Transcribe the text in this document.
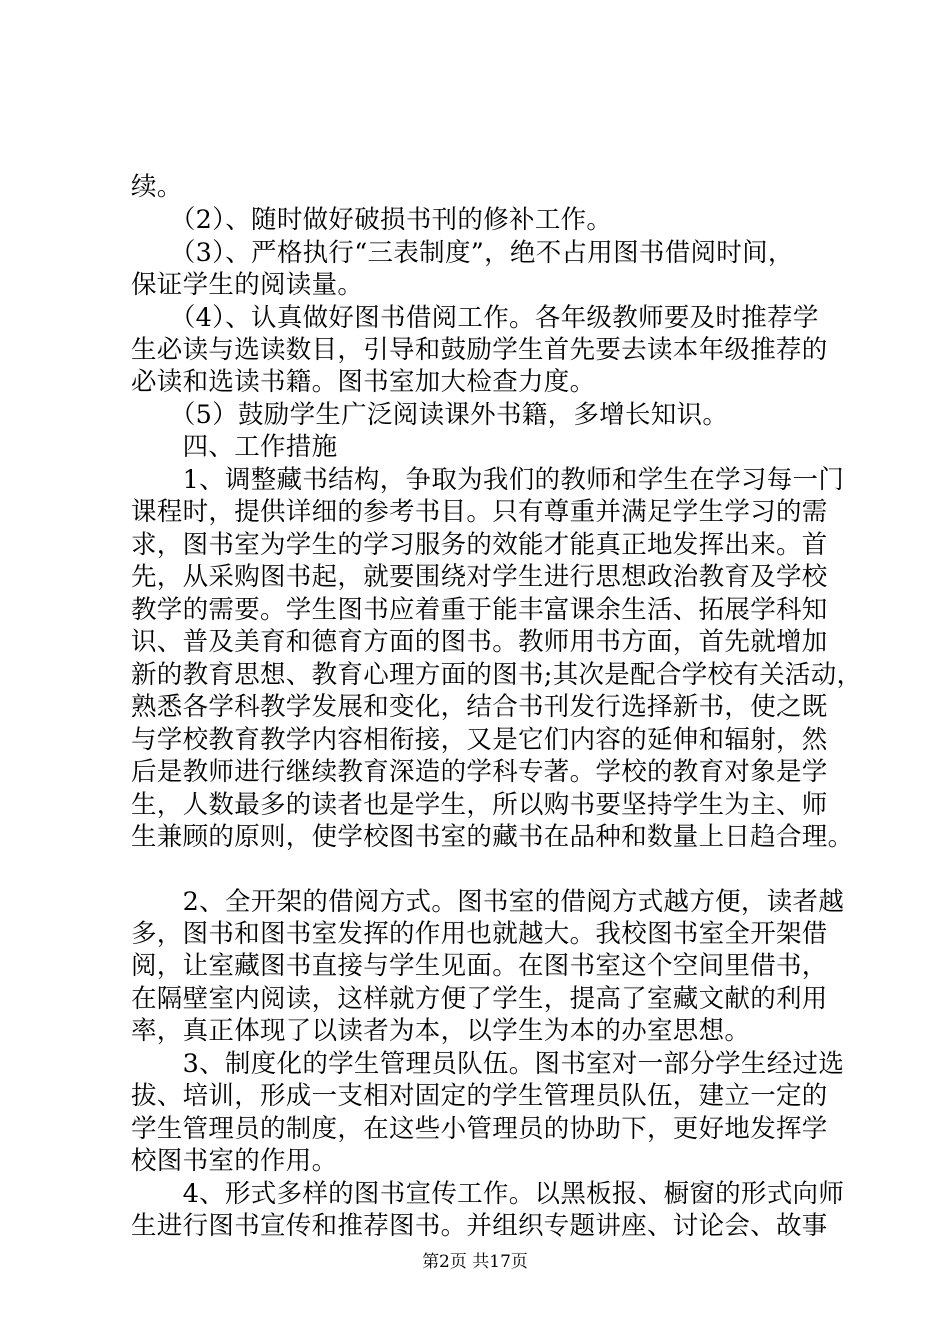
续。
　　（2）、随时做好破损书刊的修补工作。
　　（3）、严格执行“三表制度”，绝不占用图书借阅时间，
保证学生的阅读量。
　　（4）、认真做好图书借阅工作。各年级教师要及时推荐学
生必读与选读数目，引导和鼓励学生首先要去读本年级推荐的
必读和选读书籍。图书室加大检查力度。
　　（5）鼓励学生广泛阅读课外书籍，多增长知识。
　　四、工作措施
　　1、调整藏书结构，争取为我们的教师和学生在学习每一门
课程时，提供详细的参考书目。只有尊重并满足学生学习的需
求，图书室为学生的学习服务的效能才能真正地发挥出来。首
先，从采购图书起，就要围绕对学生进行思想政治教育及学校
教学的需要。学生图书应着重于能丰富课余生活、拓展学科知
识、普及美育和德育方面的图书。教师用书方面，首先就增加
新的教育思想、教育心理方面的图书;其次是配合学校有关活动，
熟悉各学科教学发展和变化，结合书刊发行选择新书，使之既
与学校教育教学内容相衔接，又是它们内容的延伸和辐射，然
后是教师进行继续教育深造的学科专著。学校的教育对象是学
生，人数最多的读者也是学生，所以购书要坚持学生为主、师
生兼顾的原则，使学校图书室的藏书在品种和数量上日趋合理。
　　2、全开架的借阅方式。图书室的借阅方式越方便，读者越
多，图书和图书室发挥的作用也就越大。我校图书室全开架借
阅，让室藏图书直接与学生见面。在图书室这个空间里借书，
在隔壁室内阅读，这样就方便了学生，提高了室藏文献的利用
率，真正体现了以读者为本，以学生为本的办室思想。
　　3、制度化的学生管理员队伍。图书室对一部分学生经过选
拔、培训，形成一支相对固定的学生管理员队伍，建立一定的
学生管理员的制度，在这些小管理员的协助下，更好地发挥学
校图书室的作用。
　　4、形式多样的图书宣传工作。以黑板报、橱窗的形式向师
生进行图书宣传和推荐图书。并组织专题讲座、讨论会、故事
第2页 共17页
